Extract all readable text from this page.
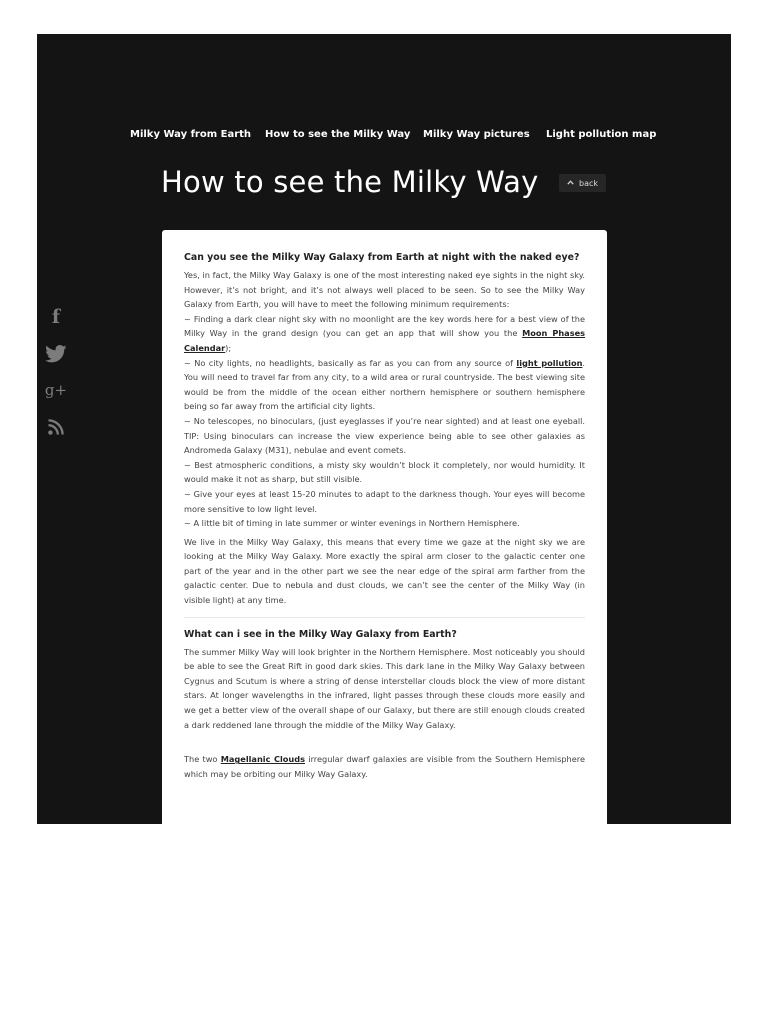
Milky Way from Earth How to see the Milky Way Milky Way pictures Light pollution map
How to see the Milky Way	back
f
g+
Can you see the Milky Way Galaxy from Earth at night with the naked eye?

Yes, in fact, the Milky Way Galaxy is one of the most interesting naked eye sights in the night sky. However, it’s not bright, and it’s not always well placed to be seen. So to see the Milky Way Galaxy from Earth, you will have to meet the following minimum requirements:
~ Finding a dark clear night sky with no moonlight are the key words here for a best view of the Milky Way in the grand design (you can get an app that will show you the Moon Phases Calendar);
~ No city lights, no headlights, basically as far as you can from any source of light pollution. You will need to travel far from any city, to a wild area or rural countryside. The best viewing site would be from the middle of the ocean either northern hemisphere or southern hemisphere being so far away from the artificial city lights.
~ No telescopes, no binoculars, (just eyeglasses if you’re near sighted) and at least one eyeball. TIP: Using binoculars can increase the view experience being able to see other galaxies as Andromeda Galaxy (M31), nebulae and event comets.
~ Best atmospheric conditions, a misty sky wouldn’t block it completely, nor would humidity. It would make it not as sharp, but still visible.
~ Give your eyes at least 15-20 minutes to adapt to the darkness though. Your eyes will become more sensitive to low light level.
~ A little bit of timing in late summer or winter evenings in Northern Hemisphere.

We live in the Milky Way Galaxy, this means that every time we gaze at the night sky we are looking at the Milky Way Galaxy. More exactly the spiral arm closer to the galactic center one part of the year and in the other part we see the near edge of the spiral arm farther from the galactic center. Due to nebula and dust clouds, we can’t see the center of the Milky Way (in visible light) at any time.

What can i see in the Milky Way Galaxy from Earth?

The summer Milky Way will look brighter in the Northern Hemisphere. Most noticeably you should be able to see the Great Rift in good dark skies. This dark lane in the Milky Way Galaxy between Cygnus and Scutum is where a string of dense interstellar clouds block the view of more distant stars. At longer wavelengths in the infrared, light passes through these clouds more easily and we get a better view of the overall shape of our Galaxy, but there are still enough clouds created a dark reddened lane through the middle of the Milky Way Galaxy.

The two Magellanic Clouds irregular dwarf galaxies are visible from the Southern Hemisphere which may be orbiting our Milky Way Galaxy.
